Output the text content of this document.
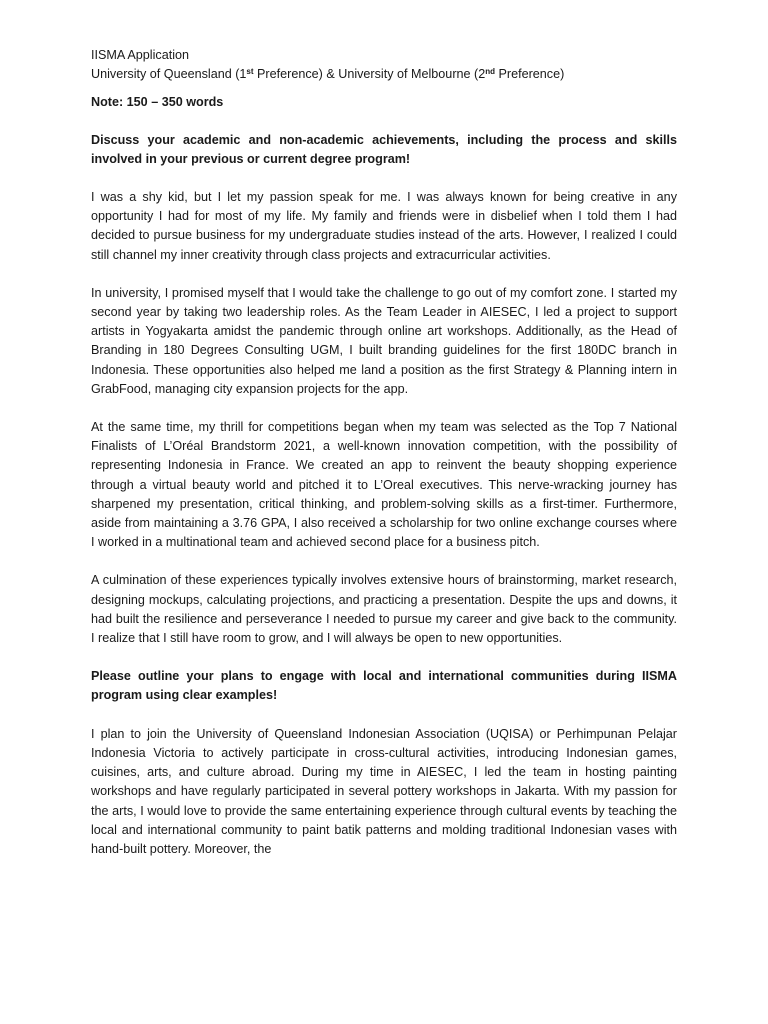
IISMA Application

University of Queensland (1st Preference) & University of Melbourne (2nd Preference)

Note: 150 – 350 words

Discuss your academic and non-academic achievements, including the process and skills involved in your previous or current degree program!

I was a shy kid, but I let my passion speak for me. I was always known for being creative in any opportunity I had for most of my life. My family and friends were in disbelief when I told them I had decided to pursue business for my undergraduate studies instead of the arts. However, I realized I could still channel my inner creativity through class projects and extracurricular activities.

In university, I promised myself that I would take the challenge to go out of my comfort zone. I started my second year by taking two leadership roles. As the Team Leader in AIESEC, I led a project to support artists in Yogyakarta amidst the pandemic through online art workshops. Additionally, as the Head of Branding in 180 Degrees Consulting UGM, I built branding guidelines for the first 180DC branch in Indonesia. These opportunities also helped me land a position as the first Strategy & Planning intern in GrabFood, managing city expansion projects for the app.

At the same time, my thrill for competitions began when my team was selected as the Top 7 National Finalists of L’Oréal Brandstorm 2021, a well-known innovation competition, with the possibility of representing Indonesia in France. We created an app to reinvent the beauty shopping experience through a virtual beauty world and pitched it to L’Oreal executives. This nerve-wracking journey has sharpened my presentation, critical thinking, and problem-solving skills as a first-timer. Furthermore, aside from maintaining a 3.76 GPA, I also received a scholarship for two online exchange courses where I worked in a multinational team and achieved second place for a business pitch.

A culmination of these experiences typically involves extensive hours of brainstorming, market research, designing mockups, calculating projections, and practicing a presentation. Despite the ups and downs, it had built the resilience and perseverance I needed to pursue my career and give back to the community. I realize that I still have room to grow, and I will always be open to new opportunities.

Please outline your plans to engage with local and international communities during IISMA program using clear examples!

I plan to join the University of Queensland Indonesian Association (UQISA) or Perhimpunan Pelajar Indonesia Victoria to actively participate in cross-cultural activities, introducing Indonesian games, cuisines, arts, and culture abroad. During my time in AIESEC, I led the team in hosting painting workshops and have regularly participated in several pottery workshops in Jakarta. With my passion for the arts, I would love to provide the same entertaining experience through cultural events by teaching the local and international community to paint batik patterns and molding traditional Indonesian vases with hand-built pottery. Moreover, the
